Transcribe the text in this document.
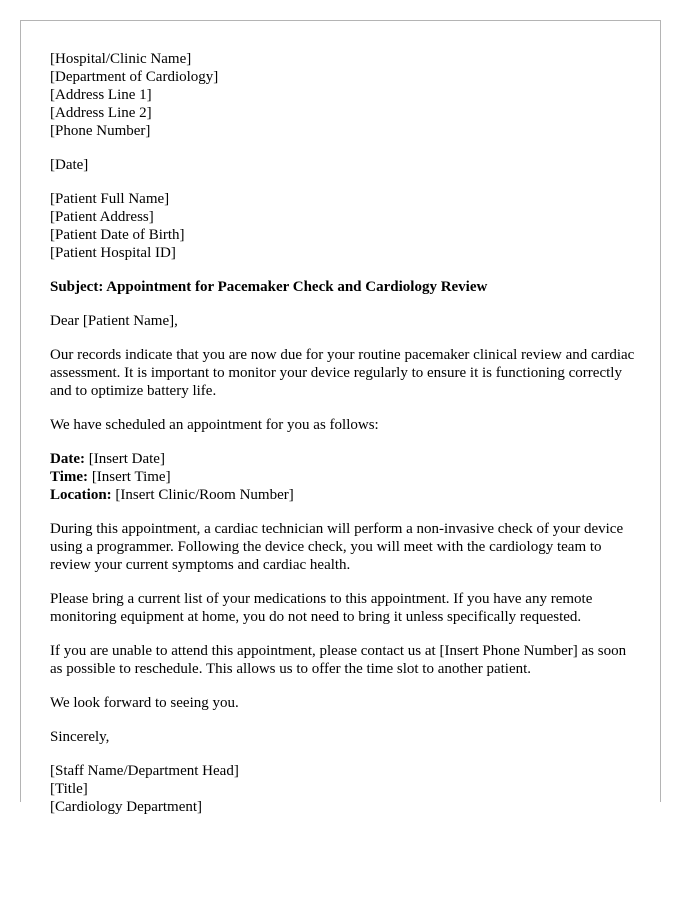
[Hospital/Clinic Name]
[Department of Cardiology]
[Address Line 1]
[Address Line 2]
[Phone Number]
[Date]
[Patient Full Name]
[Patient Address]
[Patient Date of Birth]
[Patient Hospital ID]

Subject: Appointment for Pacemaker Check and Cardiology Review

Dear [Patient Name],

Our records indicate that you are now due for your routine pacemaker clinical review and cardiac assessment. It is important to monitor your device regularly to ensure it is functioning correctly and to optimize battery life.

We have scheduled an appointment for you as follows:

Date: [Insert Date]
Time: [Insert Time]
Location: [Insert Clinic/Room Number]

During this appointment, a cardiac technician will perform a non-invasive check of your device using a programmer. Following the device check, you will meet with the cardiology team to review your current symptoms and cardiac health.

Please bring a current list of your medications to this appointment. If you have any remote monitoring equipment at home, you do not need to bring it unless specifically requested.

If you are unable to attend this appointment, please contact us at [Insert Phone Number] as soon as possible to reschedule. This allows us to offer the time slot to another patient.

We look forward to seeing you.

Sincerely,

[Staff Name/Department Head]
[Title]
[Cardiology Department]
